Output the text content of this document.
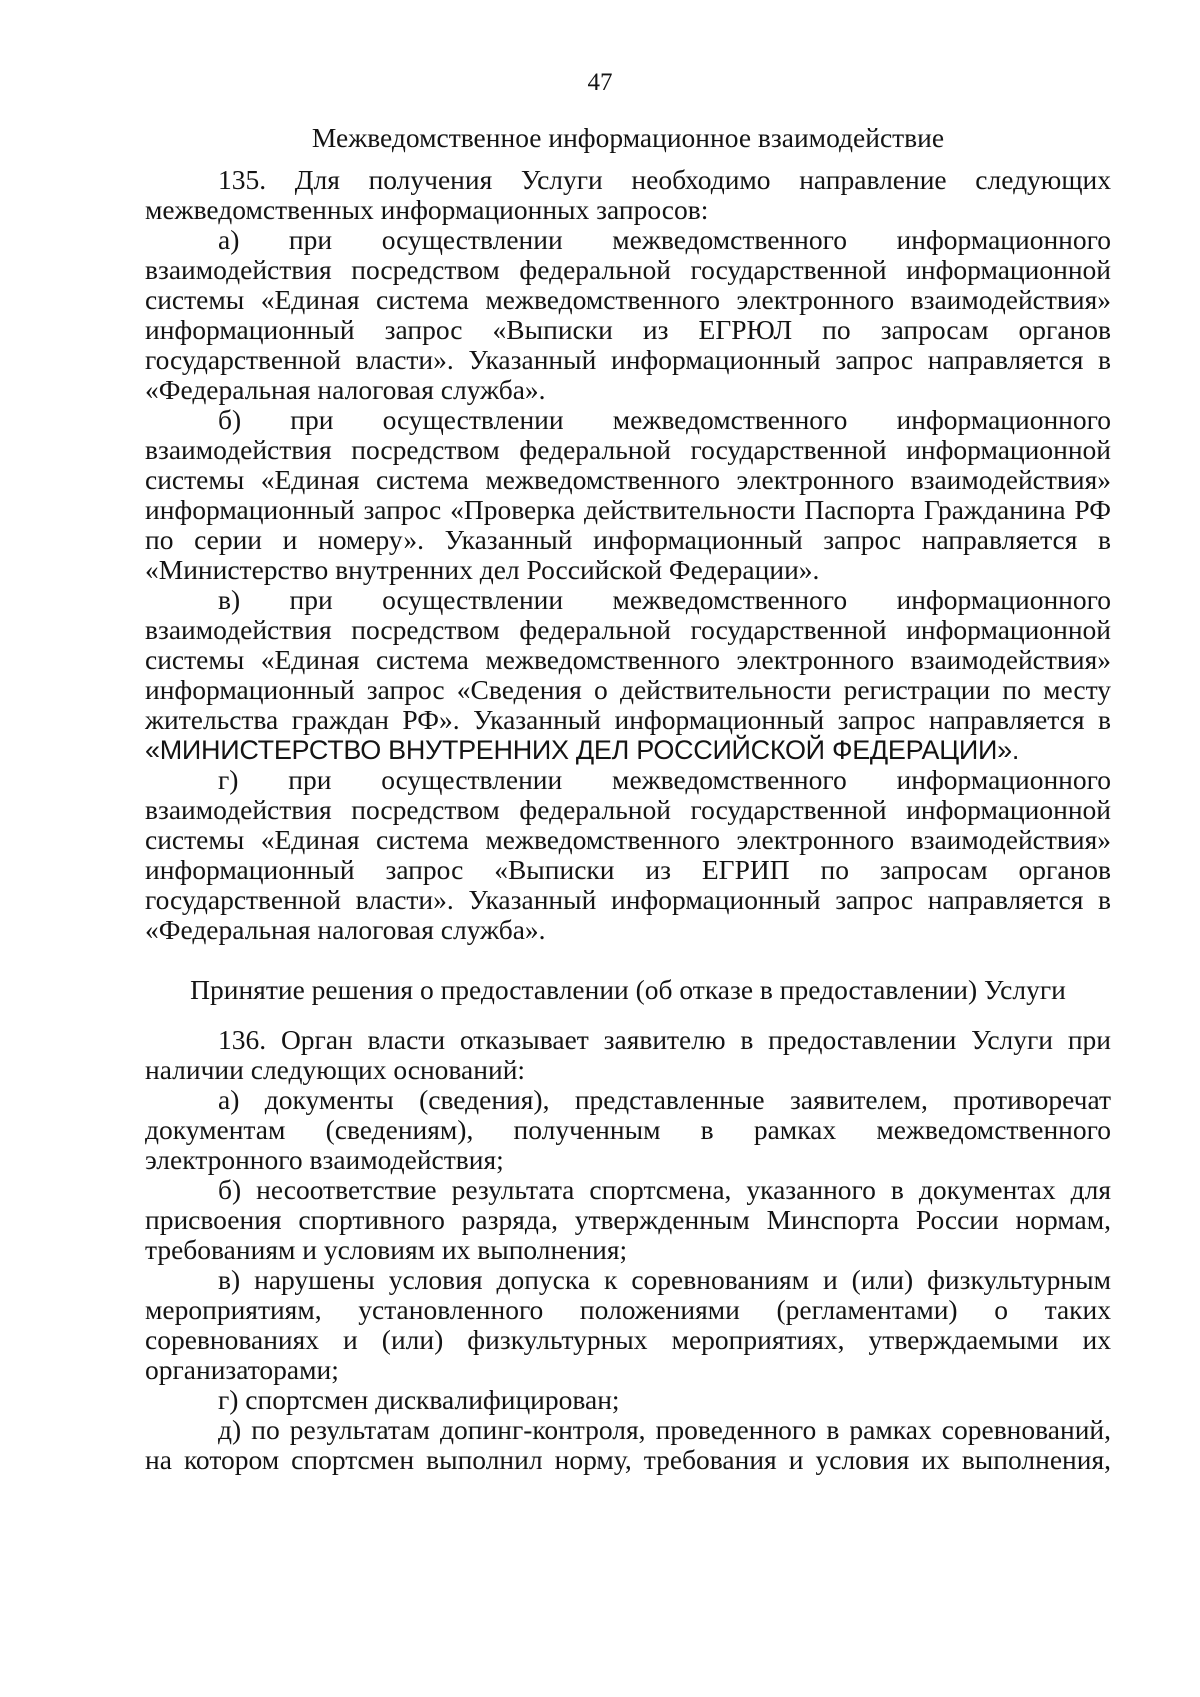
47
Межведомственное информационное взаимодействие
135. Для получения Услуги необходимо направление следующих
межведомственных информационных запросов:
а) при осуществлении межведомственного информационного
взаимодействия посредством федеральной государственной информационной
системы «Единая система межведомственного электронного взаимодействия»
информационный запрос «Выписки из ЕГРЮЛ по запросам органов
государственной власти». Указанный информационный запрос направляется в
«Федеральная налоговая служба».
б) при осуществлении межведомственного информационного
взаимодействия посредством федеральной государственной информационной
системы «Единая система межведомственного электронного взаимодействия»
информационный запрос «Проверка действительности Паспорта Гражданина РФ
по серии и номеру». Указанный информационный запрос направляется в
«Министерство внутренних дел Российской Федерации».
в) при осуществлении межведомственного информационного
взаимодействия посредством федеральной государственной информационной
системы «Единая система межведомственного электронного взаимодействия»
информационный запрос «Сведения о действительности регистрации по месту
жительства граждан РФ». Указанный информационный запрос направляется в
«МИНИСТЕРСТВО ВНУТРЕННИХ ДЕЛ РОССИЙСКОЙ ФЕДЕРАЦИИ».
г) при осуществлении межведомственного информационного
взаимодействия посредством федеральной государственной информационной
системы «Единая система межведомственного электронного взаимодействия»
информационный запрос «Выписки из ЕГРИП по запросам органов
государственной власти». Указанный информационный запрос направляется в
«Федеральная налоговая служба».
Принятие решения о предоставлении (об отказе в предоставлении) Услуги
136. Орган власти отказывает заявителю в предоставлении Услуги при
наличии следующих оснований:
а) документы (сведения), представленные заявителем, противоречат
документам (сведениям), полученным в рамках межведомственного
электронного взаимодействия;
б) несоответствие результата спортсмена, указанного в документах для
присвоения спортивного разряда, утвержденным Минспорта России нормам,
требованиям и условиям их выполнения;
в) нарушены условия допуска к соревнованиям и (или) физкультурным
мероприятиям, установленного положениями (регламентами) о таких
соревнованиях и (или) физкультурных мероприятиях, утверждаемыми их
организаторами;
г) спортсмен дисквалифицирован;
д) по результатам допинг-контроля, проведенного в рамках соревнований,
на котором спортсмен выполнил норму, требования и условия их выполнения,
